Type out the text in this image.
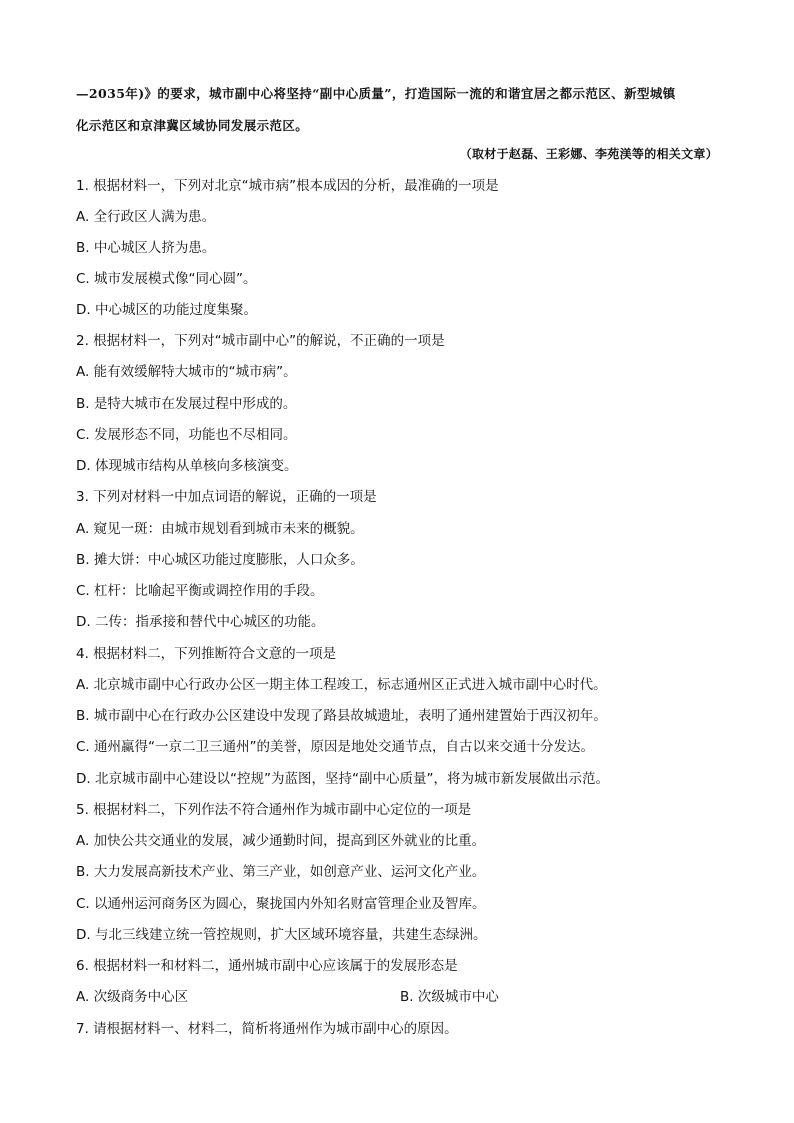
—2035年)》的要求，城市副中心将坚持“副中心质量”，打造国际一流的和谐宜居之都示范区、新型城镇
化示范区和京津冀区域协同发展示范区。
（取材于赵磊、王彩娜、李苑渼等的相关文章）
1. 根据材料一，下列对北京“城市病”根本成因的分析，最准确的一项是
A. 全行政区人满为患。
B. 中心城区人挤为患。
C. 城市发展模式像“同心圆”。
D. 中心城区的功能过度集聚。
2. 根据材料一，下列对“城市副中心”的解说，不正确的一项是
A. 能有效缓解特大城市的“城市病”。
B. 是特大城市在发展过程中形成的。
C. 发展形态不同，功能也不尽相同。
D. 体现城市结构从单核向多核演变。
3. 下列对材料一中加点词语的解说，正确的一项是
A. 窥见一斑：由城市规划看到城市未来的概貌。
B. 摊大饼：中心城区功能过度膨胀，人口众多。
C. 杠杆：比喻起平衡或调控作用的手段。
D. 二传：指承接和替代中心城区的功能。
4. 根据材料二，下列推断符合文意的一项是
A. 北京城市副中心行政办公区一期主体工程竣工，标志通州区正式进入城市副中心时代。
B. 城市副中心在行政办公区建设中发现了路县故城遗址，表明了通州建置始于西汉初年。
C. 通州赢得“一京二卫三通州”的美誉，原因是地处交通节点，自古以来交通十分发达。
D. 北京城市副中心建设以“控规”为蓝图，坚持“副中心质量”，将为城市新发展做出示范。
5. 根据材料二，下列作法不符合通州作为城市副中心定位的一项是
A. 加快公共交通业的发展，减少通勤时间，提高到区外就业的比重。
B. 大力发展高新技术产业、第三产业，如创意产业、运河文化产业。
C. 以通州运河商务区为圆心，聚拢国内外知名财富管理企业及智库。
D. 与北三线建立统一管控规则，扩大区域环境容量，共建生态绿洲。
6. 根据材料一和材料二，通州城市副中心应该属于的发展形态是
A. 次级商务中心区	B. 次级城市中心
7. 请根据材料一、材料二，简析将通州作为城市副中心的原因。
